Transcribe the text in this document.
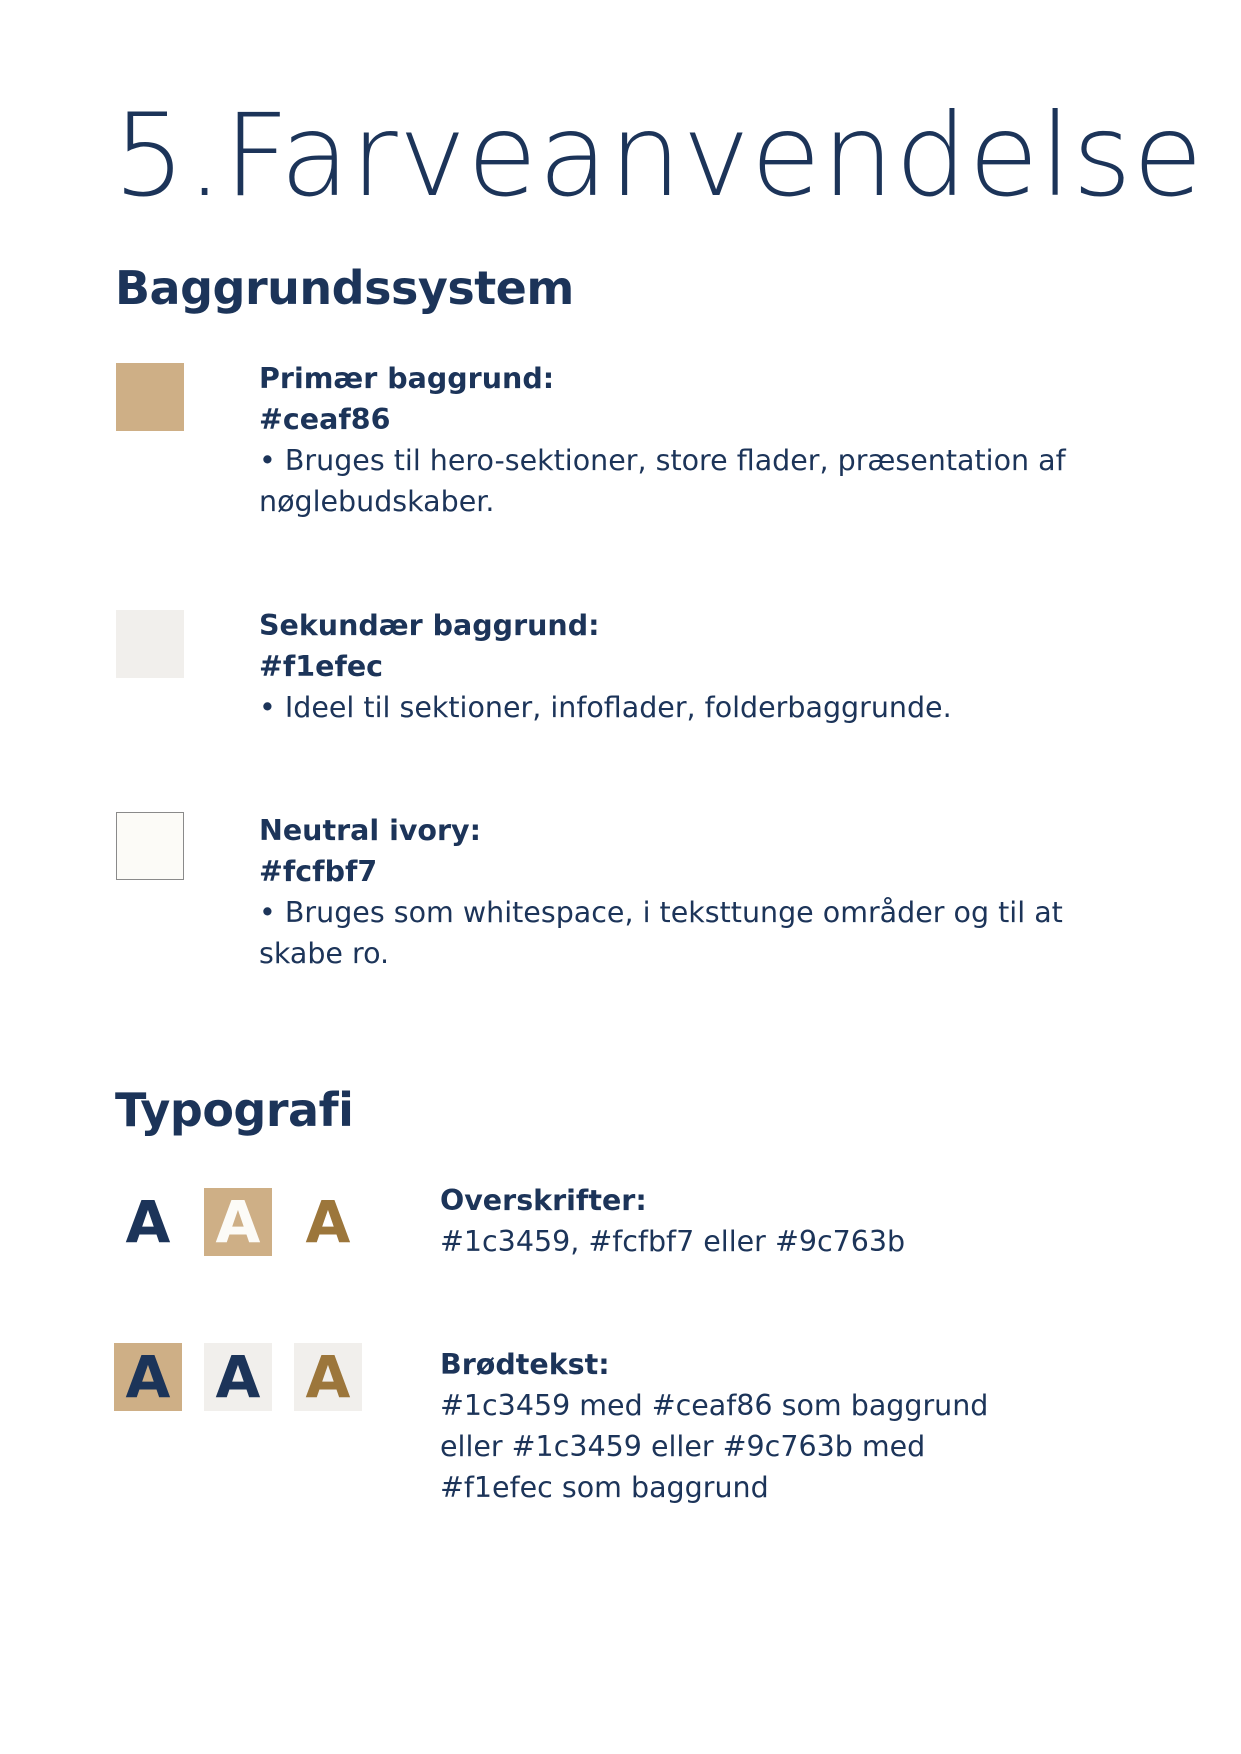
5.Farveanvendelse
Baggrundssystem
Primær baggrund:
#ceaf86
• Bruges til hero-sektioner, store flader, præsentation af nøglebudskaber.
Sekundær baggrund:
#f1efec
• Ideel til sektioner, infoflader, folderbaggrunde.
Neutral ivory:
#fcfbf7
• Bruges som whitespace, i teksttunge områder og til at skabe ro.
Typografi
A A A	Overskrifter:
#1c3459, #fcfbf7 eller #9c763b
A A A	Brødtekst:
#1c3459 med #ceaf86 som baggrund eller #1c3459 eller #9c763b med #f1efec som baggrund
